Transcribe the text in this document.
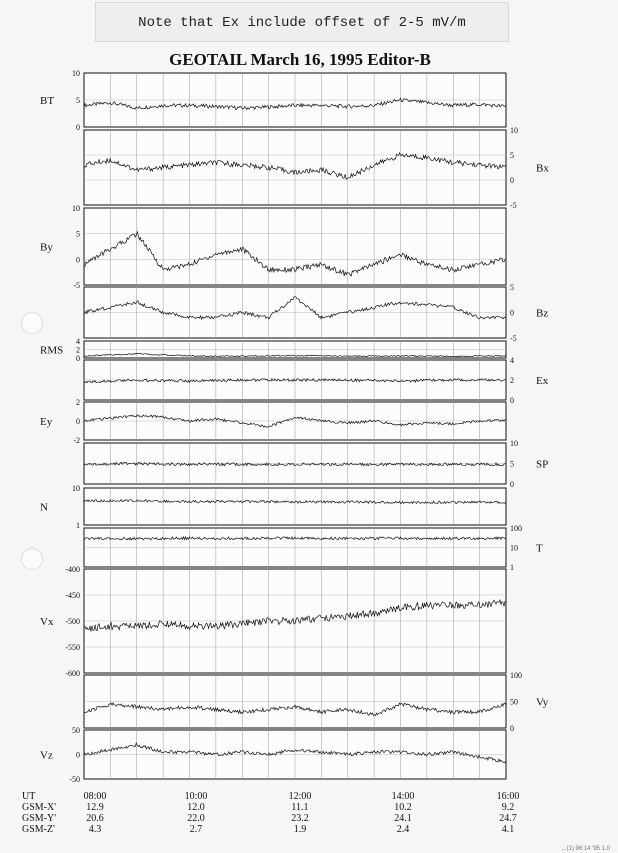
Note that Ex include offset of 2-5 mV/m
GEOTAIL March 16, 1995 Editor-B
10
5
0
BT
10
5
0
-5
Bx
10
5
0
-5
By
5
0
-5
Bz
4
2
0
RMS
4
2
0
Ex
2
0
-2
Ey
10
5
0
SP
10
1
N
100
10
1
T
-400
-450
-500
-550
-600
Vx
100
50
0
Vy
50
0
-50
Vz
UT	08:00	10:00	12:00	14:00	16:00
GSM-X'	12.9	12.0	11.1	10.2	9.2
GSM-Y'	20.6	22.0	23.2	24.1	24.7
GSM-Z'	4.3	2.7	1.9	2.4	4.1
...(1) 96:14 '95 1.0
